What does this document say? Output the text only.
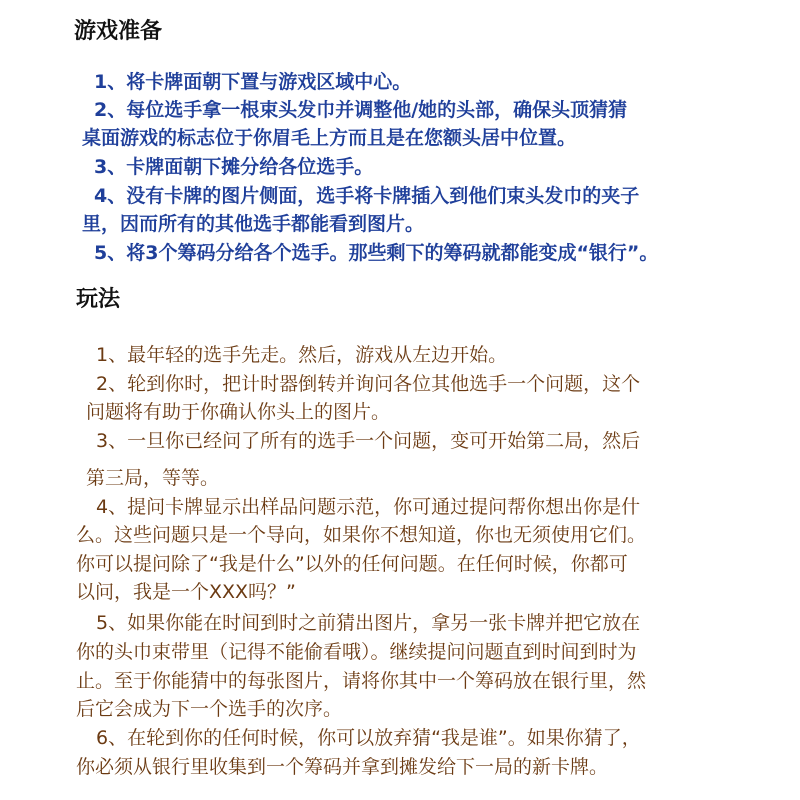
游戏准备
1、将卡牌面朝下置与游戏区域中心。
2、每位选手拿一根束头发巾并调整他/她的头部，确保头顶猜猜
桌面游戏的标志位于你眉毛上方而且是在您额头居中位置。
3、卡牌面朝下摊分给各位选手。
4、没有卡牌的图片侧面，选手将卡牌插入到他们束头发巾的夹子
里，因而所有的其他选手都能看到图片。
5、将3个筹码分给各个选手。那些剩下的筹码就都能变成“银行”。
玩法
1、最年轻的选手先走。然后，游戏从左边开始。
2、轮到你时，把计时器倒转并询问各位其他选手一个问题，这个
问题将有助于你确认你头上的图片。
3、一旦你已经问了所有的选手一个问题，变可开始第二局，然后
第三局，等等。
4、提问卡牌显示出样品问题示范，你可通过提问帮你想出你是什
么。这些问题只是一个导向，如果你不想知道，你也无须使用它们。
你可以提问除了“我是什么”以外的任何问题。在任何时候，你都可
以问，我是一个XXX吗？”
5、如果你能在时间到时之前猜出图片，拿另一张卡牌并把它放在
你的头巾束带里（记得不能偷看哦）。继续提问问题直到时间到时为
止。至于你能猜中的每张图片，请将你其中一个筹码放在银行里，然
后它会成为下一个选手的次序。
6、在轮到你的任何时候，你可以放弃猜“我是谁”。如果你猜了，
你必须从银行里收集到一个筹码并拿到摊发给下一局的新卡牌。
